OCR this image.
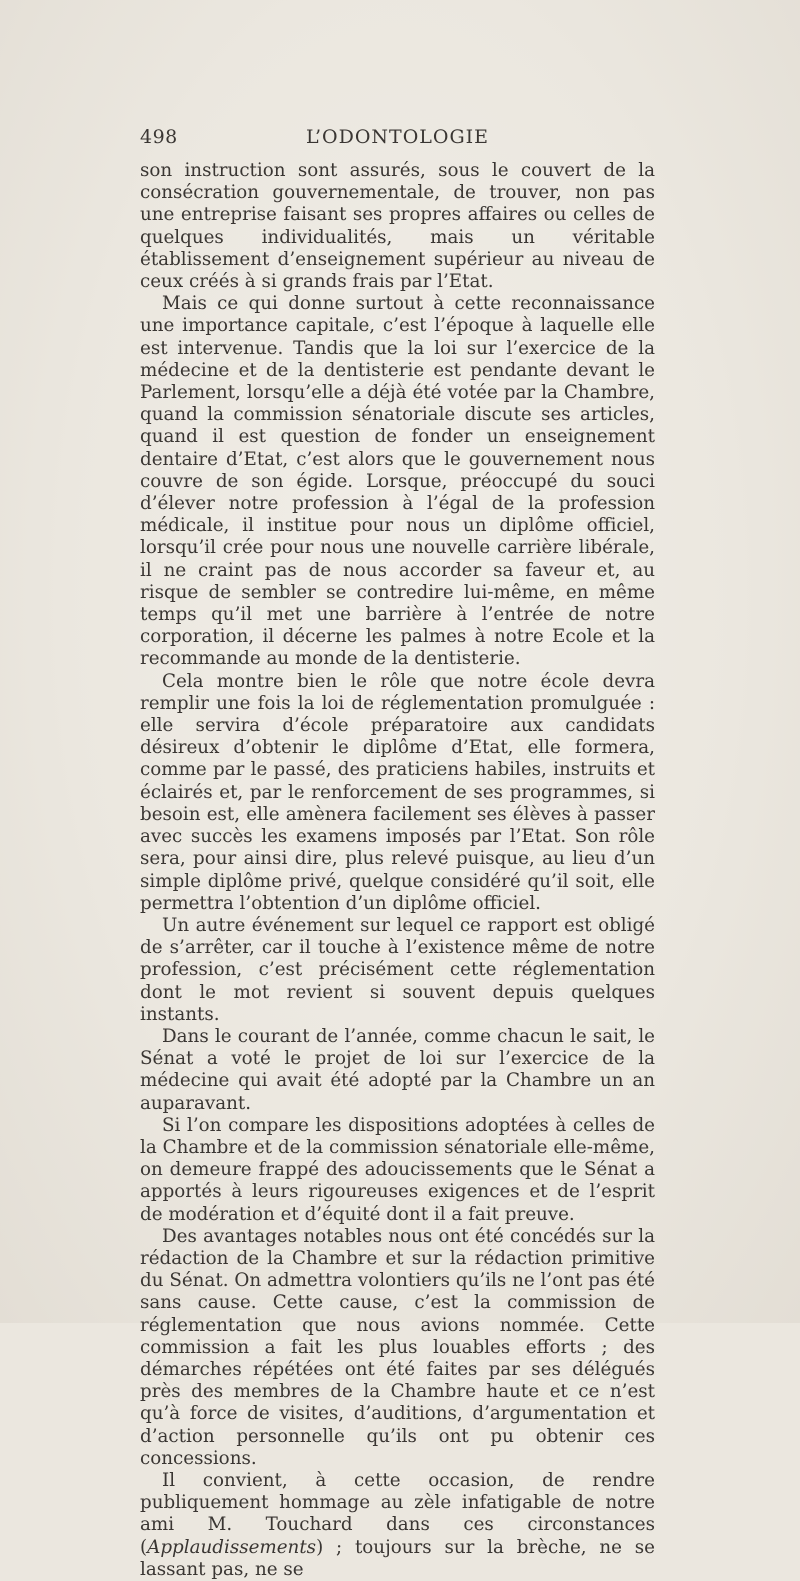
498	L’ODONTOLOGIE

son instruction sont assurés, sous le couvert de la consécration gouvernementale, de trouver, non pas une entreprise faisant ses propres affaires ou celles de quelques individualités, mais un véritable établissement d’enseignement supérieur au niveau de ceux créés à si grands frais par l’Etat.

Mais ce qui donne surtout à cette reconnaissance une importance capitale, c’est l’époque à laquelle elle est intervenue. Tandis que la loi sur l’exercice de la médecine et de la dentisterie est pendante devant le Parlement, lorsqu’elle a déjà été votée par la Chambre, quand la commission sénatoriale discute ses articles, quand il est question de fonder un enseignement dentaire d’Etat, c’est alors que le gouvernement nous couvre de son égide. Lorsque, préoccupé du souci d’élever notre profession à l’égal de la profession médicale, il institue pour nous un diplôme officiel, lorsqu’il crée pour nous une nouvelle carrière libérale, il ne craint pas de nous accorder sa faveur et, au risque de sembler se contredire lui-même, en même temps qu’il met une barrière à l’entrée de notre corporation, il décerne les palmes à notre Ecole et la recommande au monde de la dentisterie.

Cela montre bien le rôle que notre école devra remplir une fois la loi de réglementation promulguée : elle servira d’école préparatoire aux candidats désireux d’obtenir le diplôme d’Etat, elle formera, comme par le passé, des praticiens habiles, instruits et éclairés et, par le renforcement de ses programmes, si besoin est, elle amènera facilement ses élèves à passer avec succès les examens imposés par l’Etat. Son rôle sera, pour ainsi dire, plus relevé puisque, au lieu d’un simple diplôme privé, quelque considéré qu’il soit, elle permettra l’obtention d’un diplôme officiel.

Un autre événement sur lequel ce rapport est obligé de s’arrêter, car il touche à l’existence même de notre profession, c’est précisément cette réglementation dont le mot revient si souvent depuis quelques instants.

Dans le courant de l’année, comme chacun le sait, le Sénat a voté le projet de loi sur l’exercice de la médecine qui avait été adopté par la Chambre un an auparavant.

Si l’on compare les dispositions adoptées à celles de la Chambre et de la commission sénatoriale elle-même, on demeure frappé des adoucissements que le Sénat a apportés à leurs rigoureuses exigences et de l’esprit de modération et d’équité dont il a fait preuve.

Des avantages notables nous ont été concédés sur la rédaction de la Chambre et sur la rédaction primitive du Sénat. On admettra volontiers qu’ils ne l’ont pas été sans cause. Cette cause, c’est la commission de réglementation que nous avions nommée. Cette commission a fait les plus louables efforts ; des démarches répétées ont été faites par ses délégués près des membres de la Chambre haute et ce n’est qu’à force de visites, d’auditions, d’argumentation et d’action personnelle qu’ils ont pu obtenir ces concessions.

Il convient, à cette occasion, de rendre publiquement hommage au zèle infatigable de notre ami M. Touchard dans ces circonstances (Applaudissements) ; toujours sur la brèche, ne se lassant pas, ne se
